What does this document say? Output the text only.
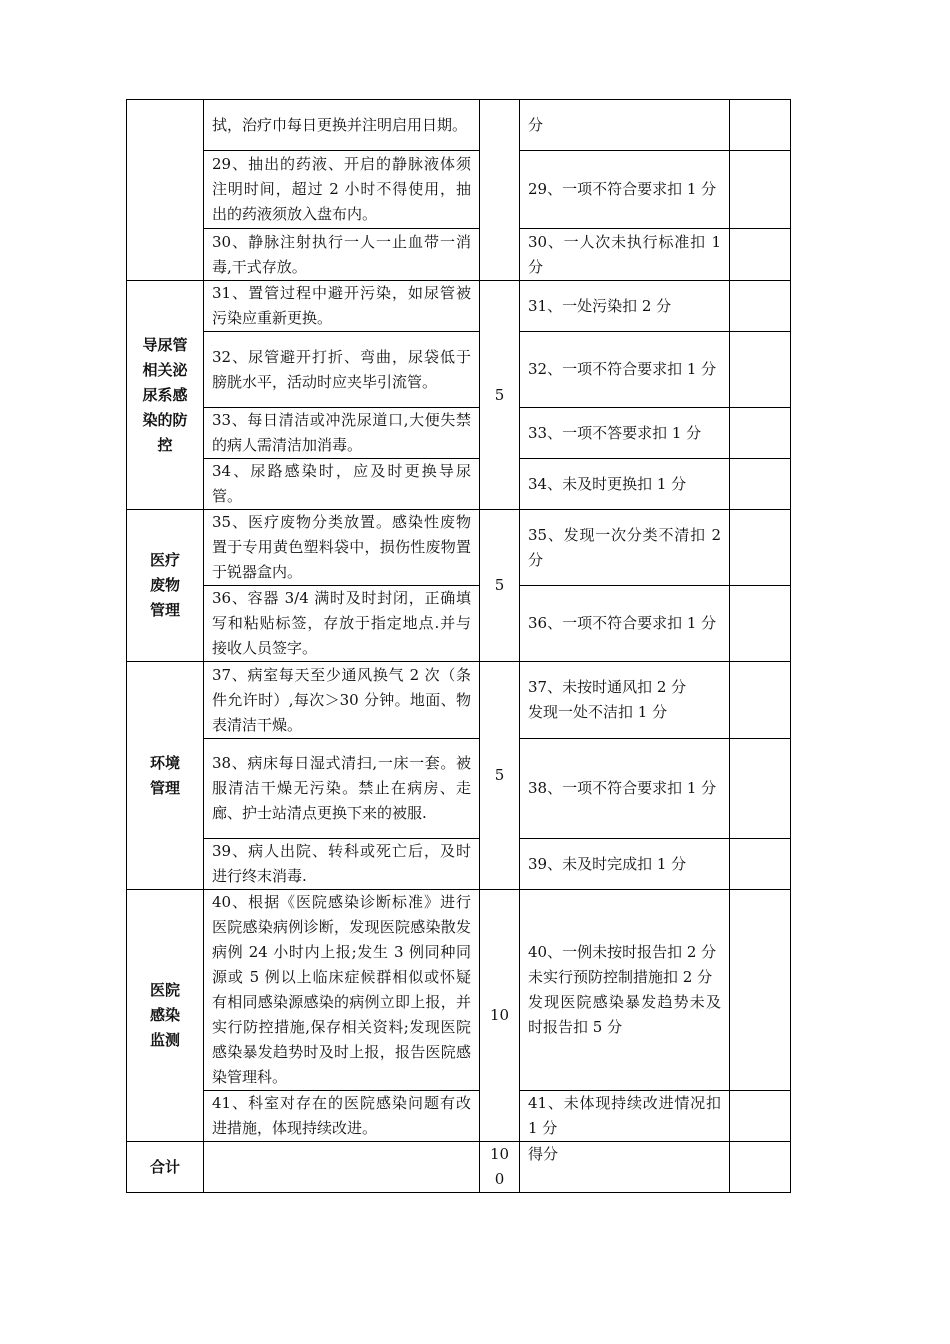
	拭，治疗巾每日更换并注明启用日期。		分	
	29、抽出的药液、开启的静脉液体须注明时间，超过 2 小时不得使用，抽出的药液须放入盘布内。		29、一项不符合要求扣 1 分	
	30、静脉注射执行一人一止血带一消毒,干式存放。		30、一人次未执行标准扣 1 分	

导尿管
相关泌
尿系感
染的防
控	31、置管过程中避开污染，如尿管被污染应重新更换。	5	31、一处污染扣 2 分	
	32、尿管避开打折、弯曲，尿袋低于膀胱水平，活动时应夹毕引流管。		32、一项不符合要求扣 1 分	
	33、每日清洁或冲洗尿道口,大便失禁的病人需清洁加消毒。		33、一项不答要求扣 1 分	
	34、尿路感染时，应及时更换导尿管。		34、未及时更换扣 1 分	

医疗
废物
管理	35、医疗废物分类放置。感染性废物置于专用黄色塑料袋中，损伤性废物置于锐器盒内。	5	35、发现一次分类不清扣 2 分	
	36、容器 3/4 满时及时封闭，正确填写和粘贴标签，存放于指定地点.并与接收人员签字。		36、一项不符合要求扣 1 分	

环境
管理	37、病室每天至少通风换气 2 次（条件允许时）,每次＞30 分钟。地面、物表清洁干燥。	5	37、未按时通风扣 2 分
发现一处不洁扣 1 分	

	38、病床每日湿式清扫,一床一套。被服清洁干燥无污染。禁止在病房、走廊、护士站清点更换下来的被服.		38、一项不符合要求扣 1 分	
	39、病人出院、转科或死亡后，及时进行终末消毒.		39、未及时完成扣 1 分	

医院
感染
监测	40、根据《医院感染诊断标准》进行医院感染病例诊断，发现医院感染散发病例 24 小时内上报;发生 3 例同种同源或 5 例以上临床症候群相似或怀疑有相同感染源感染的病例立即上报，并实行防控措施,保存相关资料;发现医院感染暴发趋势时及时上报，报告医院感染管理科。	10	40、一例未按时报告扣 2 分
未实行预防控制措施扣 2 分
发现医院感染暴发趋势未及时报告扣 5 分	

	41、科室对存在的医院感染问题有改进措施，体现持续改进。		41、未体现持续改进情况扣 1 分	
合计		100	得分	
